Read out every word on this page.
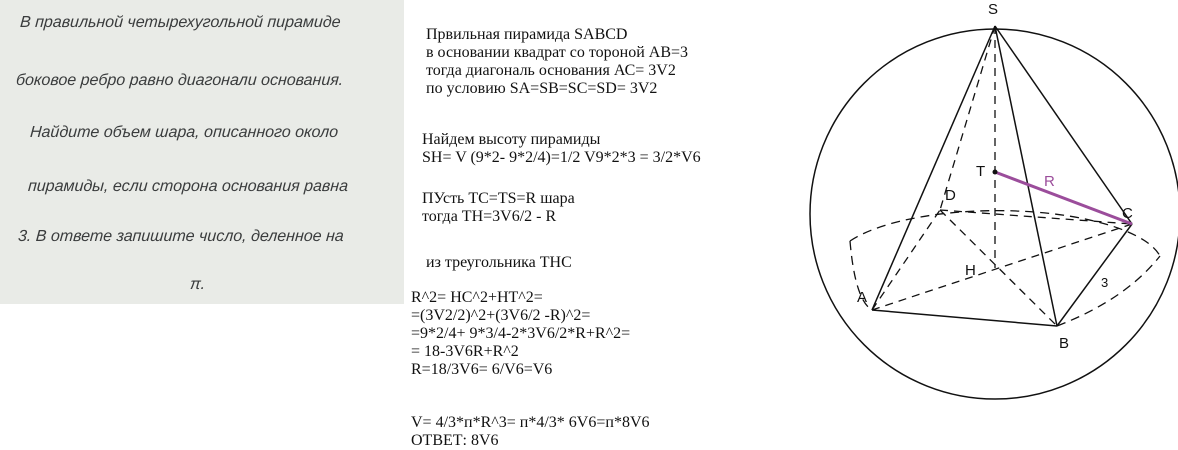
В правильной четырехугольной пирамиде
боковое ребро равно диагонали основания.
Найдите объем шара, описанного около
пирамиды, если сторона основания равна
3. В ответе запишите число, деленное на
π.
Првильная пирамида SABCD
в основании квадрат со тороной АВ=3
тогда диагональ основания АС= 3V2
по условию SA=SB=SC=SD= 3V2
Найдем высоту пирамиды
SH= V (9*2- 9*2/4)=1/2 V9*2*3 = 3/2*V6
ПУсть TC=TS=R шара
тогда TH=3V6/2 - R
из треугольника THC
R^2= HC^2+HT^2=
=(3V2/2)^2+(3V6/2 -R)^2=
=9*2/4+ 9*3/4-2*3V6/2*R+R^2=
= 18-3V6R+R^2
R=18/3V6= 6/V6=V6
V= 4/3*п*R^3= п*4/3* 6V6=п*8V6
ОТВЕТ: 8V6
S
T
R
D
C
H
A
B
3
